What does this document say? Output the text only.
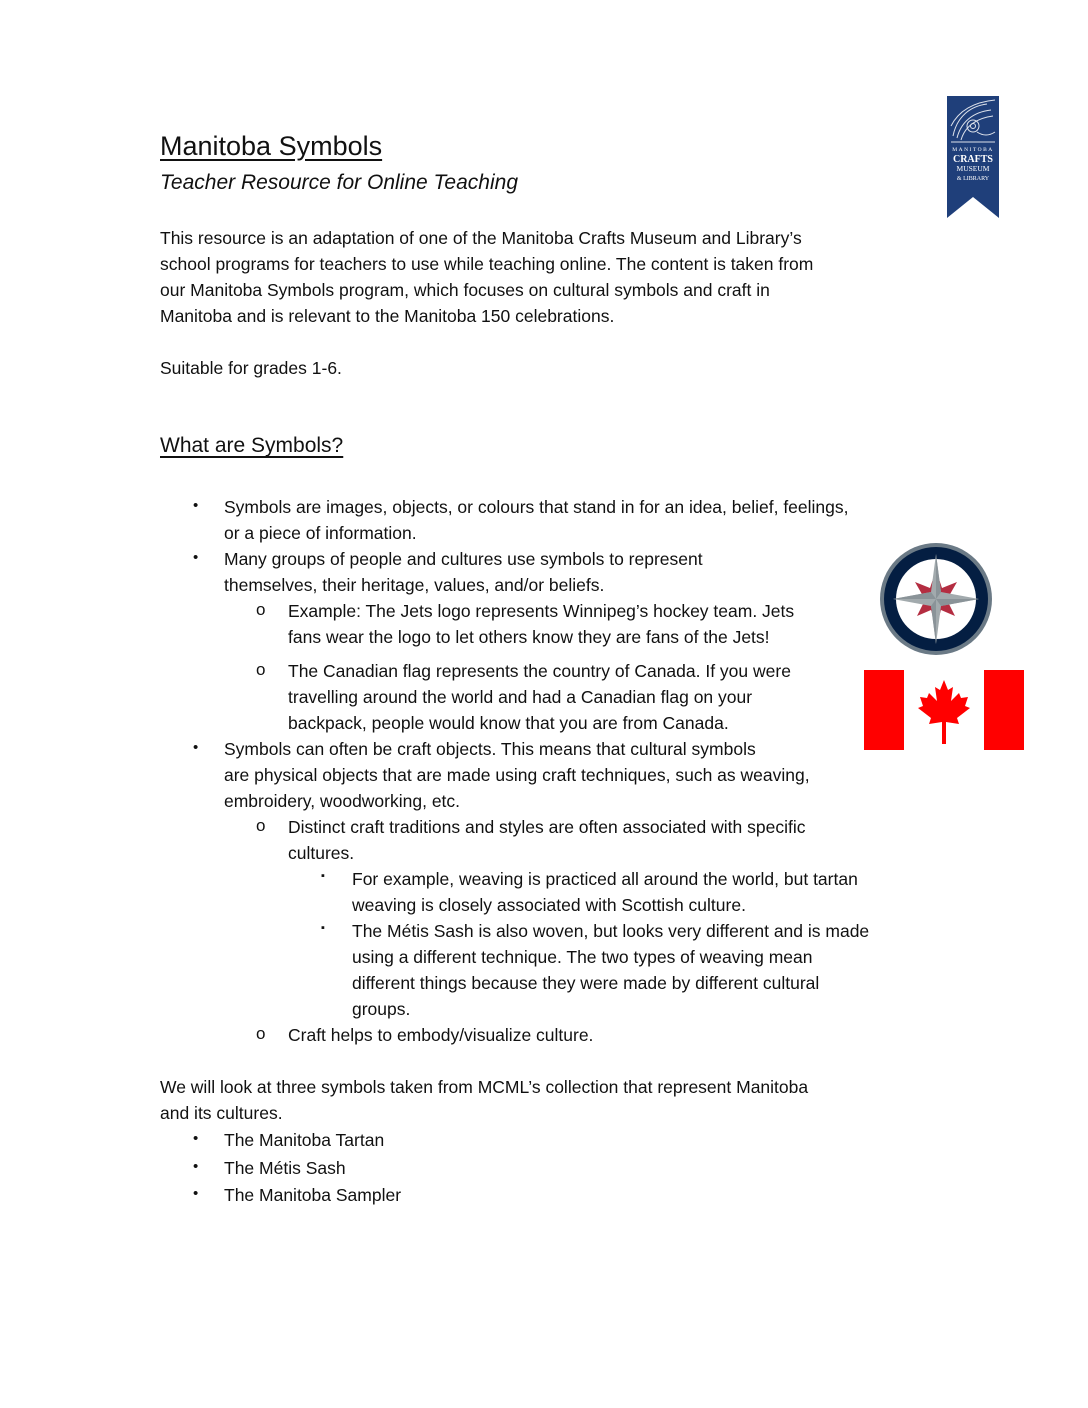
MANITOBA
CRAFTS
MUSEUM
& LIBRARY
Manitoba Symbols
Teacher Resource for Online Teaching
This resource is an adaptation of one of the Manitoba Crafts Museum and Library’s
school programs for teachers to use while teaching online. The content is taken from
our Manitoba Symbols program, which focuses on cultural symbols and craft in
Manitoba and is relevant to the Manitoba 150 celebrations.
Suitable for grades 1-6.
What are Symbols?
• Symbols are images, objects, or colours that stand in for an idea, belief, feelings,
or a piece of information.
• Many groups of people and cultures use symbols to represent
themselves, their heritage, values, and/or beliefs.
o Example: The Jets logo represents Winnipeg’s hockey team. Jets
fans wear the logo to let others know they are fans of the Jets!
o The Canadian flag represents the country of Canada. If you were
travelling around the world and had a Canadian flag on your
backpack, people would know that you are from Canada.
• Symbols can often be craft objects. This means that cultural symbols
are physical objects that are made using craft techniques, such as weaving,
embroidery, woodworking, etc.
o Distinct craft traditions and styles are often associated with specific
cultures.
▪ For example, weaving is practiced all around the world, but tartan
weaving is closely associated with Scottish culture.
▪ The Métis Sash is also woven, but looks very different and is made
using a different technique. The two types of weaving mean
different things because they were made by different cultural
groups.
o Craft helps to embody/visualize culture.
We will look at three symbols taken from MCML’s collection that represent Manitoba
and its cultures.
• The Manitoba Tartan
• The Métis Sash
• The Manitoba Sampler
